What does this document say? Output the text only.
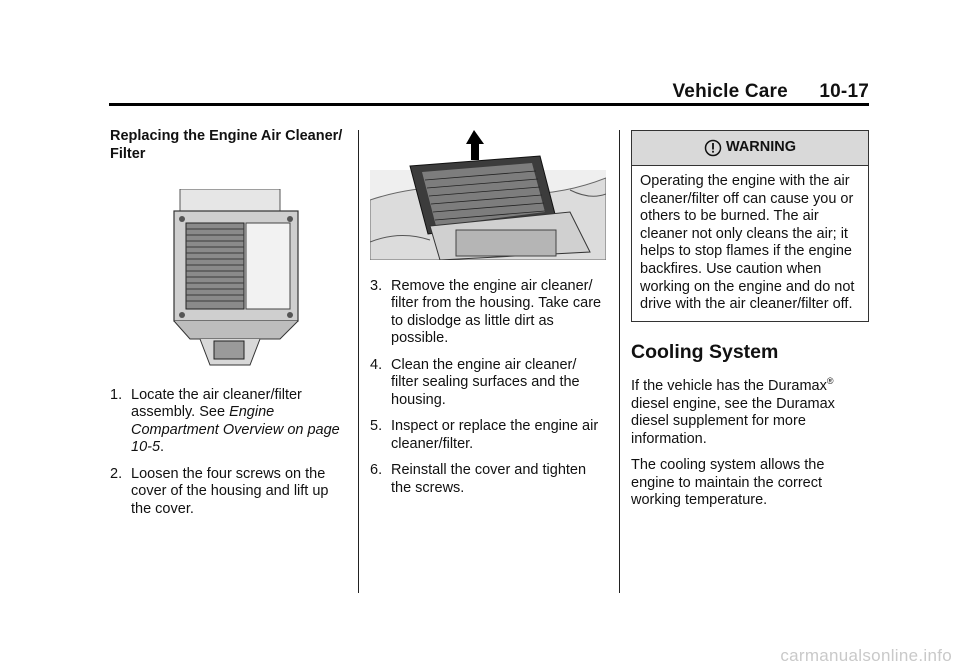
Vehicle Care 10-17

Replacing the Engine Air Cleaner/ Filter

1. Locate the air cleaner/filter assembly. See Engine Compartment Overview on page 10-5.
2. Loosen the four screws on the cover of the housing and lift up the cover.
3. Remove the engine air cleaner/ filter from the housing. Take care to dislodge as little dirt as possible.
4. Clean the engine air cleaner/ filter sealing surfaces and the housing.
5. Inspect or replace the engine air cleaner/filter.
6. Reinstall the cover and tighten the screws.
WARNING
Operating the engine with the air cleaner/filter off can cause you or others to be burned. The air cleaner not only cleans the air; it helps to stop flames if the engine backfires. Use caution when working on the engine and do not drive with the air cleaner/filter off.
Cooling System

If the vehicle has the Duramax® diesel engine, see the Duramax diesel supplement for more information.

The cooling system allows the engine to maintain the correct working temperature.

carmanualsonline.info
